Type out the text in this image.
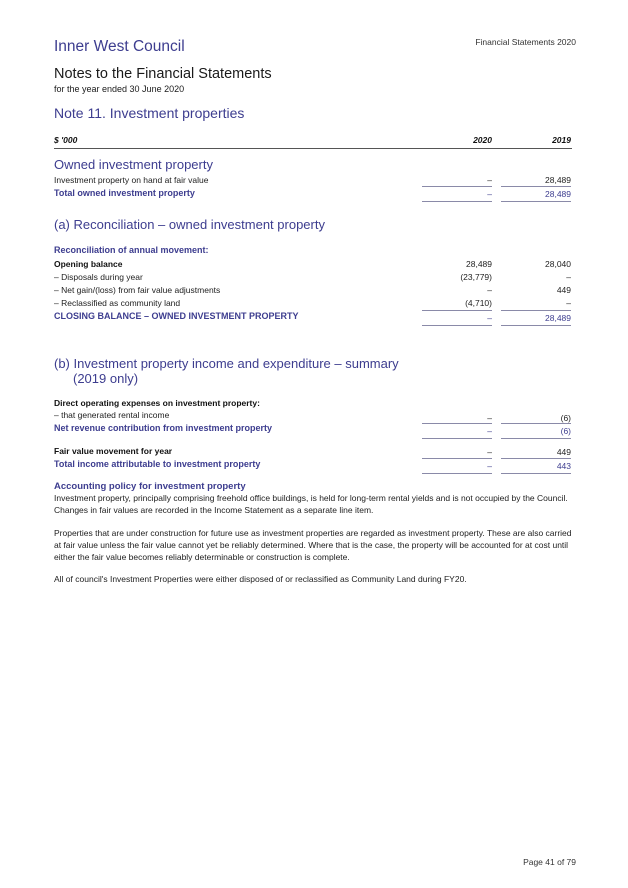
Inner West Council	Financial Statements 2020
Notes to the Financial Statements
for the year ended 30 June 2020
Note 11. Investment properties
$ '000	2020	2019
Owned investment property
Investment property on hand at fair value	–	28,489
Total owned investment property	–	28,489
(a) Reconciliation – owned investment property
Reconciliation of annual movement:
Opening balance	28,489	28,040
– Disposals during year	(23,779)	–
– Net gain/(loss) from fair value adjustments	–	449
– Reclassified as community land	(4,710)	–
CLOSING BALANCE – OWNED INVESTMENT PROPERTY	–	28,489
(b) Investment property income and expenditure – summary
(2019 only)
Direct operating expenses on investment property:
– that generated rental income	–	(6)
Net revenue contribution from investment property	–	(6)
Fair value movement for year	–	449
Total income attributable to investment property	–	443
Accounting policy for investment property
Investment property, principally comprising freehold office buildings, is held for long-term rental yields and is not occupied by the Council. Changes in fair values are recorded in the Income Statement as a separate line item.
Properties that are under construction for future use as investment properties are regarded as investment property. These are also carried at fair value unless the fair value cannot yet be reliably determined. Where that is the case, the property will be accounted for at cost until either the fair value becomes reliably determinable or construction is complete.
All of council's Investment Properties were either disposed of or reclassified as Community Land during FY20.
Page 41 of 79
